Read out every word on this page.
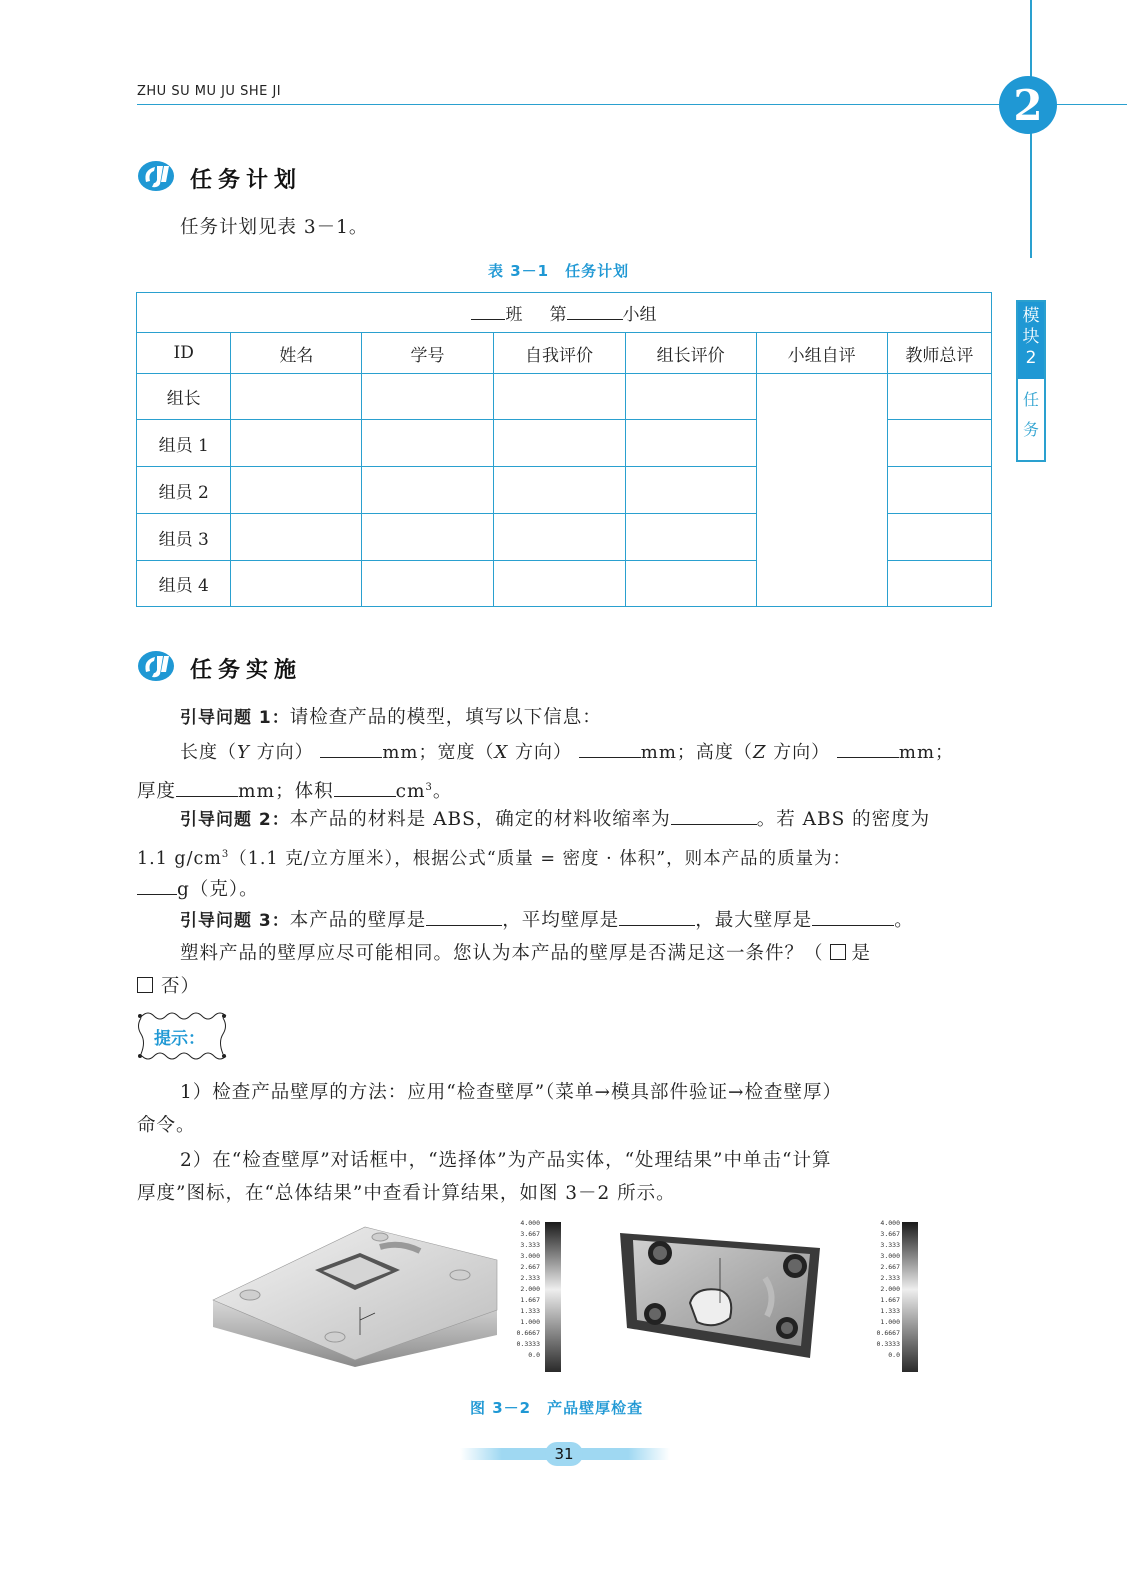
ZHU SU MU JU SHE JI	2
模
块
2
任
务
任务计划
任务计划见表 3－1。
表 3－1　任务计划
班 第 小组						
ID	姓名	学号	自我评价	组长评价	小组自评	教师总评
组长						
组员 1						
组员 2						
组员 3						
组员 4						
任务实施
引导问题 1：请检查产品的模型，填写以下信息：
长度（Y 方向）	mm；宽度（X 方向）	mm；高度（Z 方向）	mm；
厚度	mm；体积	$cm^3$。
引导问题 2：本产品的材料是 ABS，确定的材料收缩率为	。若 ABS 的密度为
1.1 $g/cm^3(1.1$ 克/立方厘米），根据公式“质量 = 密度 · 体积”，则本产品的质量为：
g（克）。
引导问题 3：本产品的壁厚是	，平均壁厚是	，最大壁厚是	。
塑料产品的壁厚应尽可能相同。您认为本产品的壁厚是否满足这一条件？（ 是
否）
提示：
1）检查产品壁厚的方法：应用“检查壁厚”（菜单→模具部件验证→检查壁厚）
命令。
2）在“检查壁厚”对话框中，“选择体”为产品实体，“处理结果”中单击“计算
厚度”图标，在“总体结果”中查看计算结果，如图 3－2 所示。
4.000
3.667
3.333
3.000
2.667
2.333
2.000
1.667
1.333
1.000
0.6667
0.3333
0.0
4.000
3.667
3.333
3.000
2.667
2.333
2.000
1.667
1.333
1.000
0.6667
0.3333
0.0
图 3－2　产品壁厚检查
31
